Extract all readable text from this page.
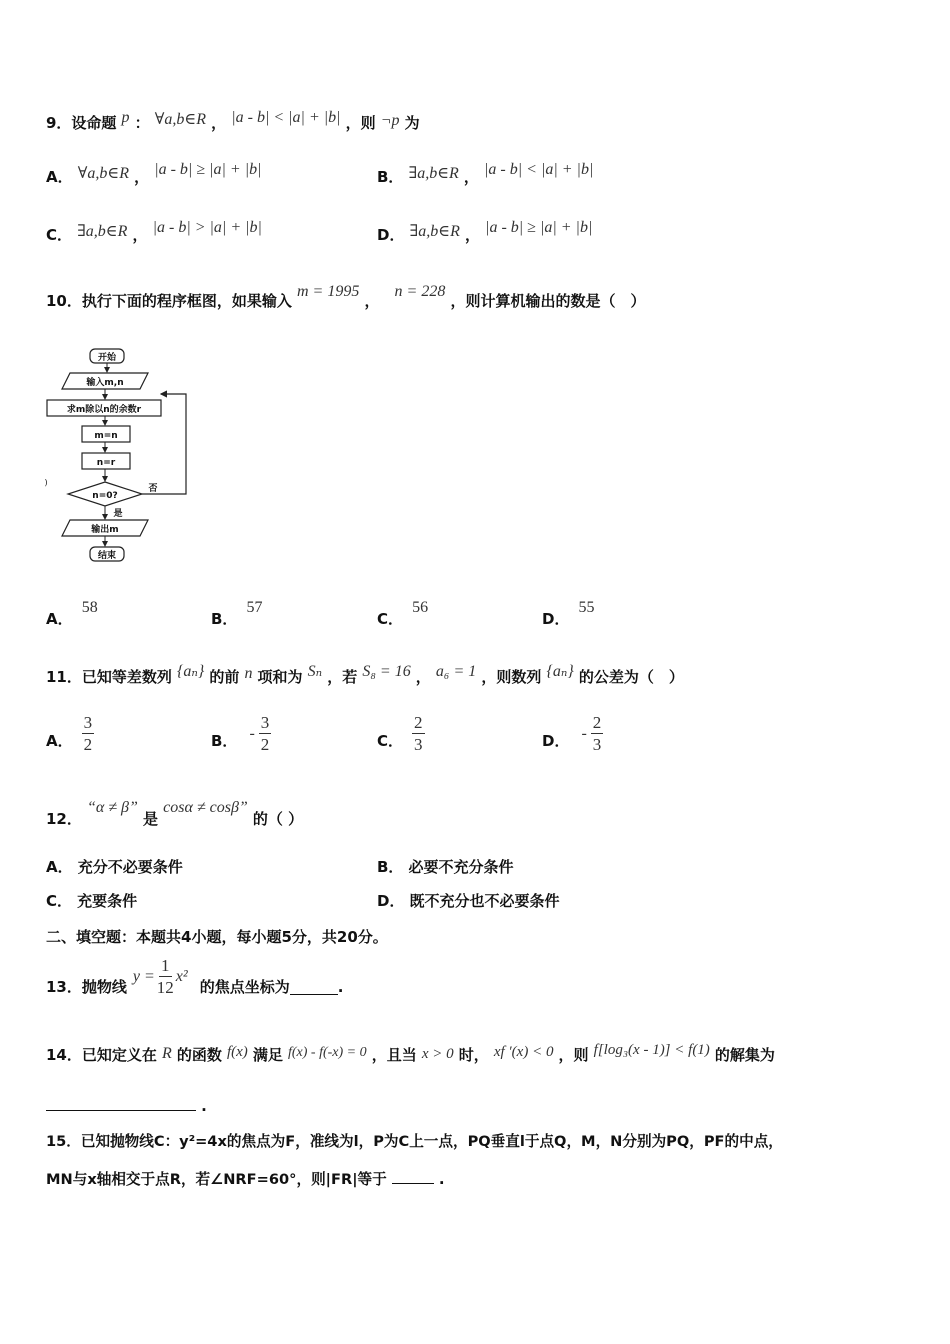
9．设命题 p ： ∀a,b∈R ， |a - b| < |a| + |b| ，则 ¬p 为
A． ∀a,b∈R ， |a - b| ≥ |a| + |b|	B． ∃a,b∈R ， |a - b| < |a| + |b|
C． ∃a,b∈R ， |a - b| > |a| + |b|	D． ∃a,b∈R ， |a - b| ≥ |a| + |b|
10．执行下面的程序框图，如果输入 m = 1995 ， n = 228 ，则计算机输出的数是（　）
开始
输入m,n
求m除以n的余数r
m=n
n=r
n=0?
否
是
输出m
结束
)
A． 58
B． 57
C． 56
D． 55
11．已知等差数列 {aₙ} 的前 n 项和为 Sₙ ，若 S₈ = 16 ， a₆ = 1 ，则数列 {aₙ} 的公差为（　）
A． $\frac{3}{2}$	B． - $\frac{3}{2}$	C． $\frac{2}{3}$	D． - $\frac{2}{3}$
12． “α ≠ β” 是 cosα ≠ cosβ” 的（ ）
A． 充分不必要条件	B． 必要不充分条件
C． 充要条件	D． 既不充分也不必要条件
二、填空题：本题共4小题，每小题5分，共20分。
13．抛物线
$y = \frac{1}{12} x^2$
的焦点坐标为	.
14．已知定义在 R 的函数 f(x) 满足 f(x) - f(-x) = 0 ，且当 x > 0 时， xf ′(x) < 0 ，则 f[log₃(x - 1)] < f(1) 的解集为
.
15．已知抛物线C：y²=4x的焦点为F，准线为l，P为C上一点，PQ垂直l于点Q，M，N分别为PQ，PF的中点，
MN与x轴相交于点R，若∠NRF=60°，则|FR|等于	.
